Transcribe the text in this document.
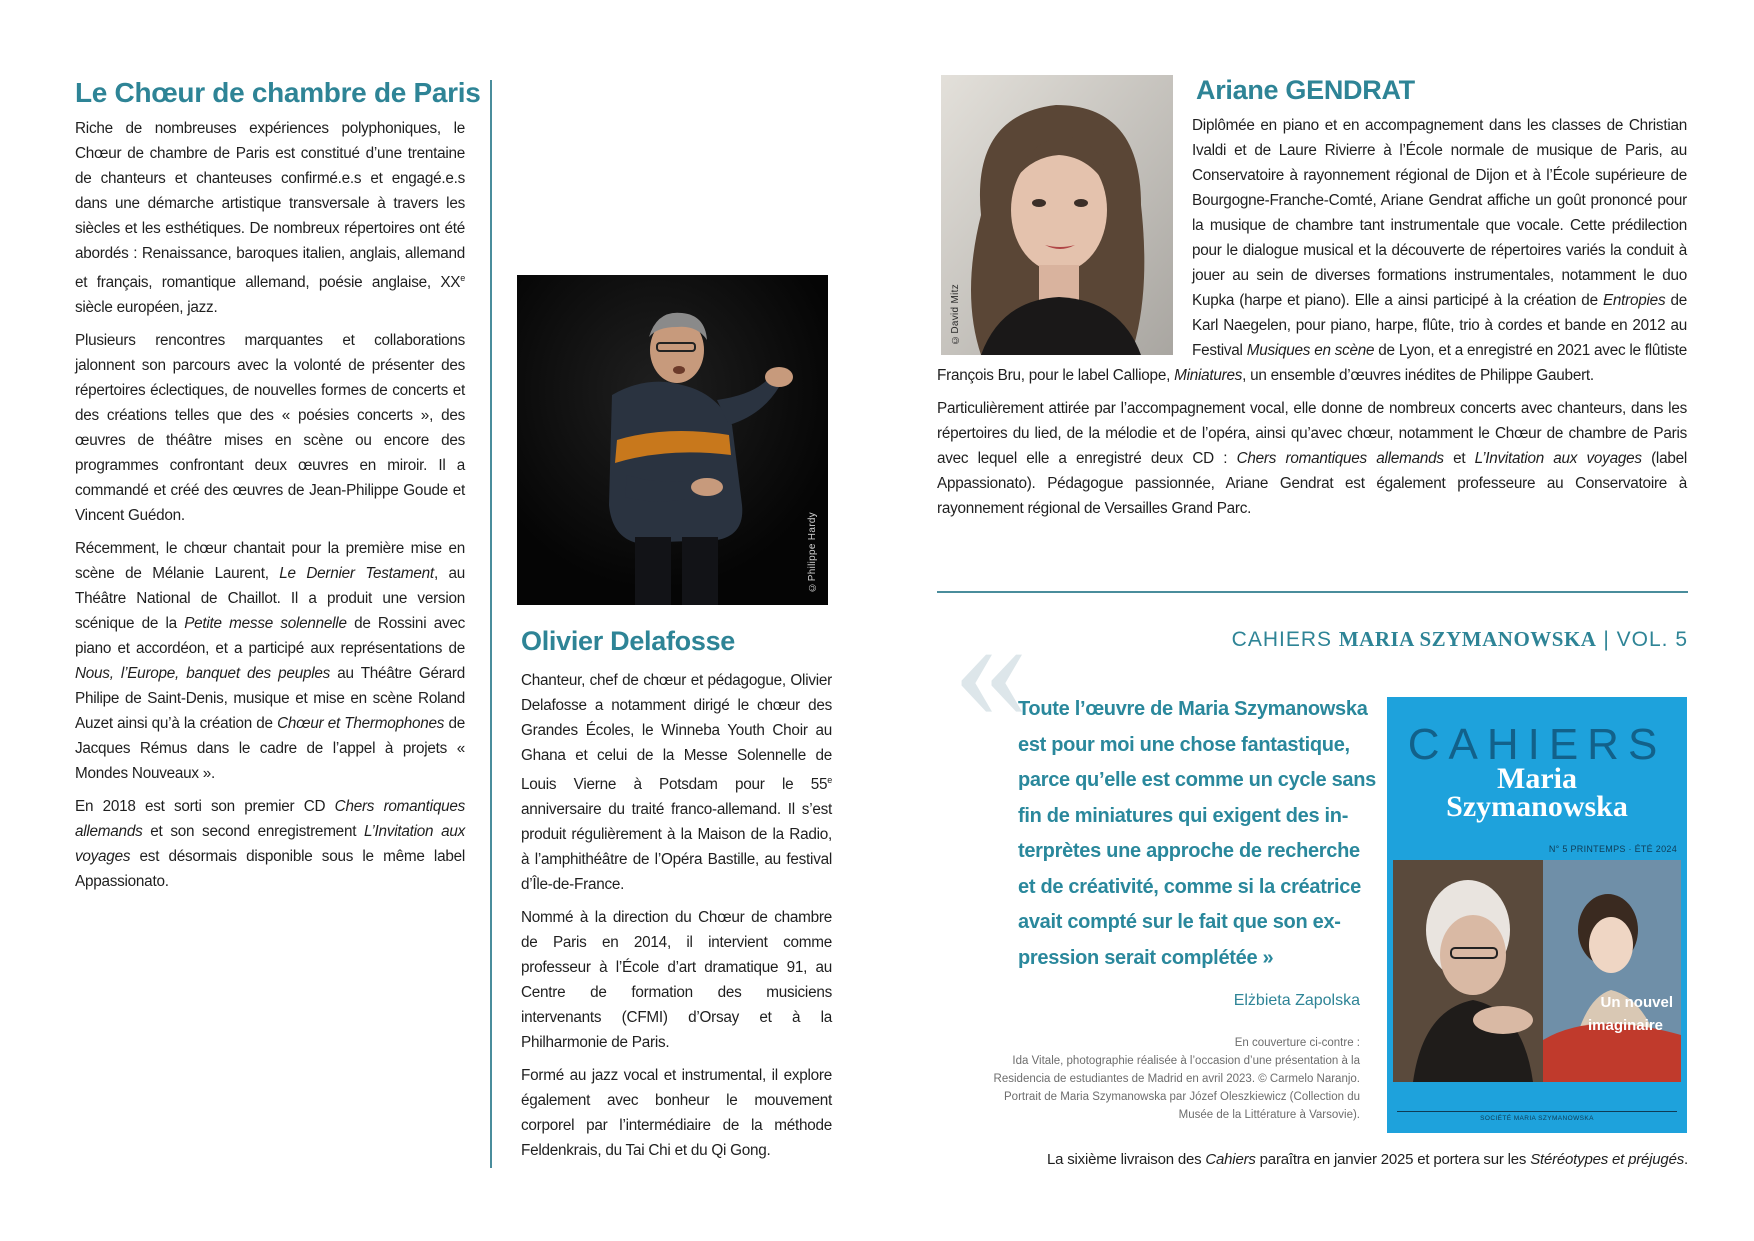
Le Chœur de chambre de Paris

Riche de nombreuses expériences polyphoniques, le Chœur de chambre de Paris est constitué d’une trentaine de chanteurs et chanteuses confirmé.e.s et engagé.e.s dans une démarche artistique transversale à travers les siècles et les esthétiques. De nombreux répertoires ont été abordés : Renaissance, baroques italien, anglais, allemand et français, romantique allemand, poésie anglaise, XXe siècle européen, jazz.

Plusieurs rencontres marquantes et collaborations jalonnent son parcours avec la volonté de présenter des répertoires éclectiques, de nouvelles formes de concerts et des créations telles que des « poésies concerts », des œuvres de théâtre mises en scène ou encore des programmes confrontant deux œuvres en miroir. Il a commandé et créé des œuvres de Jean-Philippe Goude et Vincent Guédon.

Récemment, le chœur chantait pour la première mise en scène de Mélanie Laurent, Le Dernier Testament, au Théâtre National de Chaillot. Il a produit une version scénique de la Petite messe solennelle de Rossini avec piano et accordéon, et a participé aux représentations de Nous, l’Europe, banquet des peuples au Théâtre Gérard Philipe de Saint-Denis, musique et mise en scène Roland Auzet ainsi qu’à la création de Chœur et Thermophones de Jacques Rémus dans le cadre de l’appel à projets « Mondes Nouveaux ».

En 2018 est sorti son premier CD Chers romantiques allemands et son second enregistrement L’Invitation aux voyages est désormais disponible sous le même label Appassionato.

©Philippe Hardy
Olivier Delafosse

Chanteur, chef de chœur et pédagogue, Olivier Delafosse a notamment dirigé le chœur des Grandes Écoles, le Winneba Youth Choir au Ghana et celui de la Messe Solennelle de Louis Vierne à Potsdam pour le 55e anniversaire du traité franco-allemand. Il s’est produit régulièrement à la Maison de la Radio, à l’amphithéâtre de l’Opéra Bastille, au festival d’Île-de-France.

Nommé à la direction du Chœur de chambre de Paris en 2014, il intervient comme professeur à l’École d’art dramatique 91, au Centre de formation des musiciens intervenants (CFMI) d’Orsay et à la Philharmonie de Paris.

Formé au jazz vocal et instrumental, il explore également avec bonheur le mouvement corporel par l’intermédiaire de la méthode Feldenkrais, du Tai Chi et du Qi Gong.

©David Mitz
Ariane GENDRAT

Diplômée en piano et en accompagnement dans les classes de Christian Ivaldi et de Laure Rivierre à l’École normale de musique de Paris, au Conservatoire à rayonnement régional de Dijon et à l’École supérieure de Bourgogne-Franche-Comté, Ariane Gendrat affiche un goût prononcé pour la musique de chambre tant instrumentale que vocale. Cette prédilection pour le dialogue musical et la découverte de répertoires variés la conduit à jouer au sein de diverses formations instrumentales, notamment le duo Kupka (harpe et piano). Elle a ainsi participé à la création de Entropies de Karl Naegelen, pour piano, harpe, flûte, trio à cordes et bande en 2012 au Festival Musiques en scène de Lyon, et a enregistré en 2021 avec le flûtiste François Bru, pour le label Calliope, Miniatures, un ensemble d’œuvres inédites de Philippe Gaubert.

Particulièrement attirée par l’accompagnement vocal, elle donne de nombreux concerts avec chanteurs, dans les répertoires du lied, de la mélodie et de l’opéra, ainsi qu’avec chœur, notamment le Chœur de chambre de Paris avec lequel elle a enregistré deux CD : Chers romantiques allemands et L’Invitation aux voyages (label Appassionato). Pédagogue passionnée, Ariane Gendrat est également professeure au Conservatoire à rayonnement régional de Versailles Grand Parc.

CAHIERS MARIA SZYMANOWSKA | VOL. 5
«
Toute l’œuvre de Maria Szymanowska
est pour moi une chose fantastique,
parce qu’elle est comme un cycle sans
fin de miniatures qui exigent des in-
terprètes une approche de recherche
et de créativité, comme si la créatrice
avait compté sur le fait que son ex-
pression serait complétée »
Elżbieta Zapolska
En couverture ci-contre :
Ida Vitale, photographie réalisée à l’occasion d’une présentation à la
Residencia de estudiantes de Madrid en avril 2023. © Carmelo Naranjo.
Portrait de Maria Szymanowska par Józef Oleszkiewicz (Collection du
Musée de la Littérature à Varsovie).
CAHIERS
Maria
Szymanowska
N° 5 PRINTEMPS · ÉTÉ 2024
Un nouvel
imaginaire
SOCIÉTÉ MARIA SZYMANOWSKA
La sixième livraison des Cahiers paraîtra en janvier 2025 et portera sur les Stéréotypes et préjugés.
